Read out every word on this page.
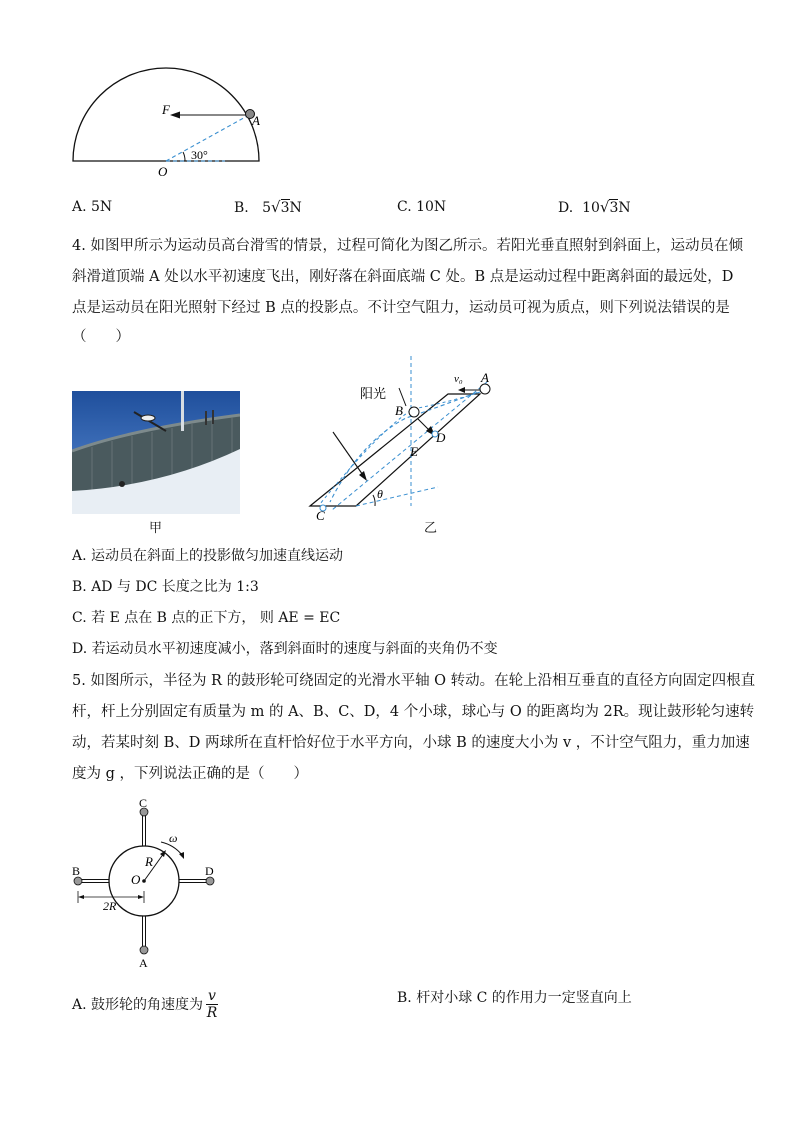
F
A
O
30°
A. 5N	B. 5√3N	C. 10N	D. 10√3N
4. 如图甲所示为运动员高台滑雪的情景，过程可简化为图乙所示。若阳光垂直照射到斜面上，运动员在倾
斜滑道顶端 A 处以水平初速度飞出，刚好落在斜面底端 C 处。B 点是运动过程中距离斜面的最远处，D
点是运动员在阳光照射下经过 B 点的投影点。不计空气阻力，运动员可视为质点，则下列说法错误的是
（　　）
甲
阳光
v₀ A
B
C
D
E
θ
乙
A. 运动员在斜面上的投影做匀加速直线运动
B. AD 与 DC 长度之比为 1:3
C. 若 E 点在 B 点的正下方， 则 AE = EC
D. 若运动员水平初速度减小，落到斜面时的速度与斜面的夹角仍不变
5. 如图所示，半径为 R 的鼓形轮可绕固定的光滑水平轴 O 转动。在轮上沿相互垂直的直径方向固定四根直
杆，杆上分别固定有质量为 m 的 A、B、C、D，4 个小球，球心与 O 的距离均为 2R。现让鼓形轮匀速转
动，若某时刻 B、D 两球所在直杆恰好位于水平方向，小球 B 的速度大小为 v ，不计空气阻力，重力加速
度为 g ，下列说法正确的是（　　）
C
A
B	D
O
R
ω
2R
A. 鼓形轮的角速度为
v
R
B. 杆对小球 C 的作用力一定竖直向上
